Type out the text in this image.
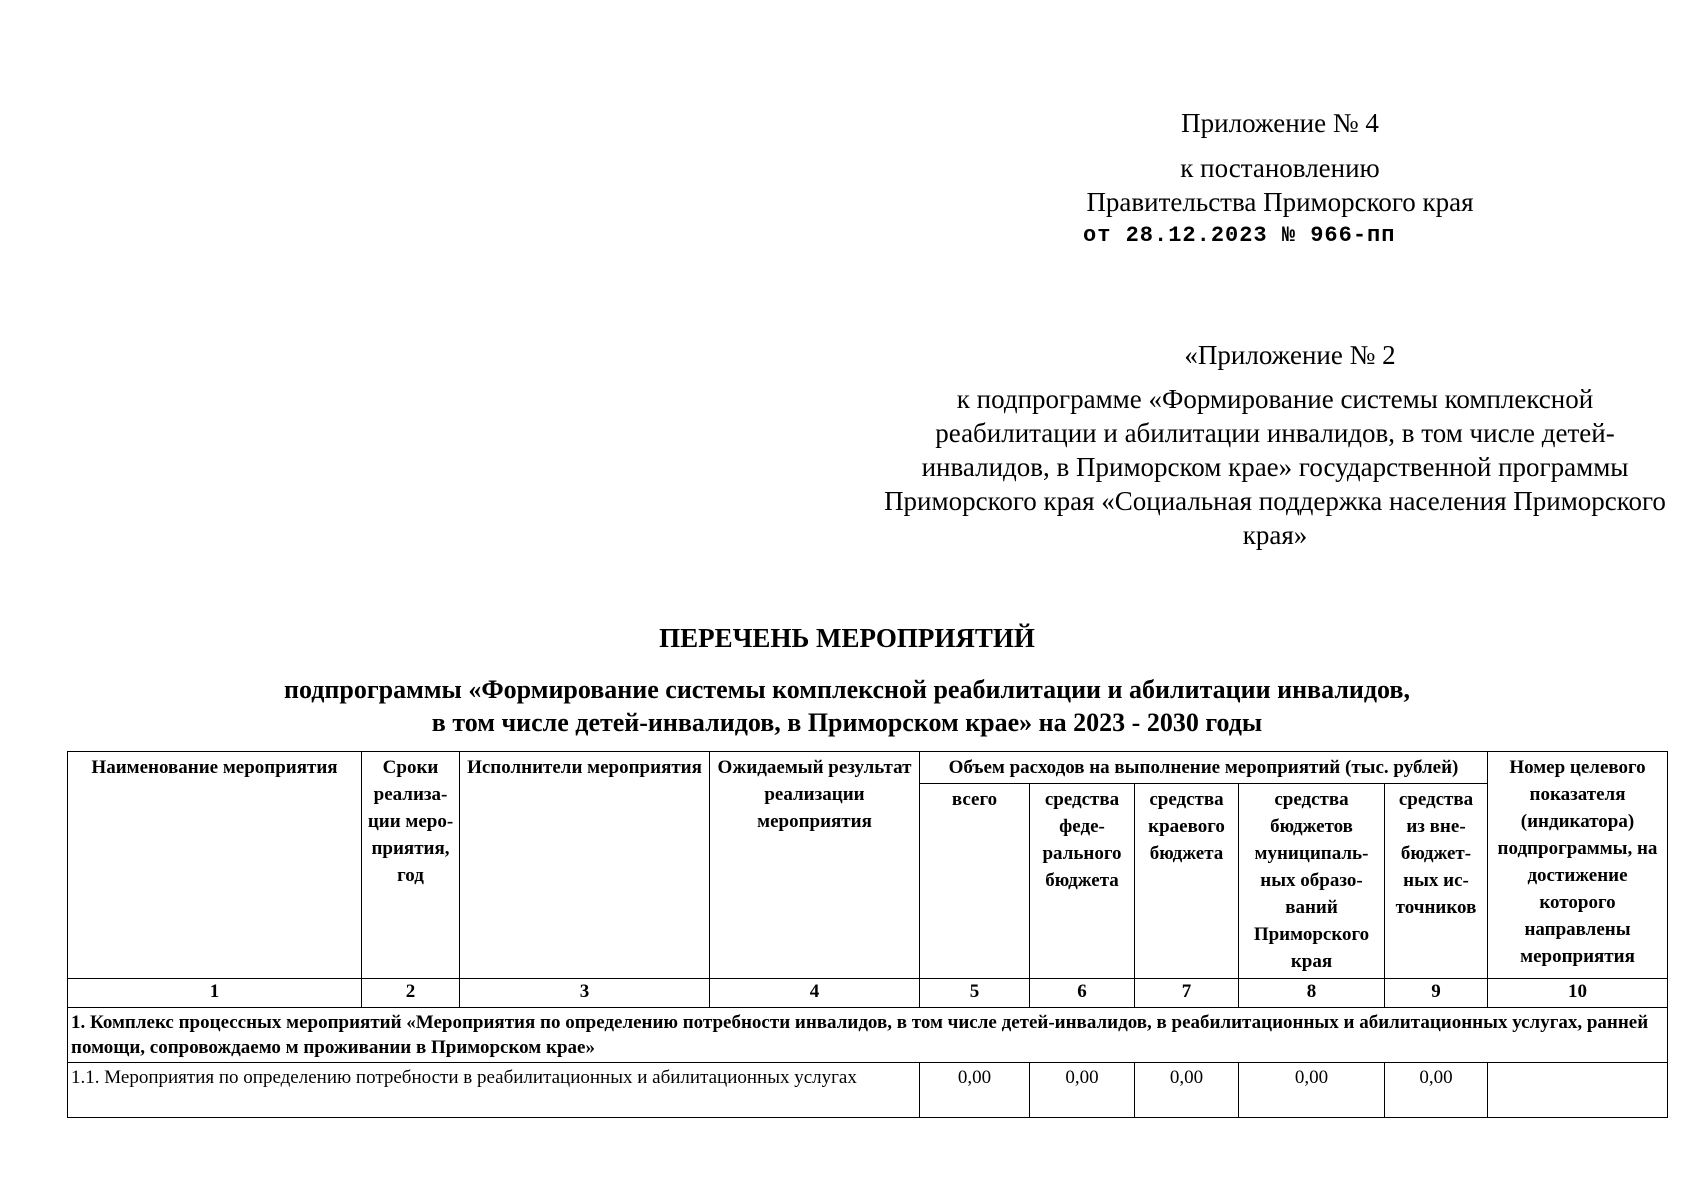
Приложение № 4
к постановлению
Правительства Приморского края
от 28.12.2023 № 966-пп
«Приложение № 2
к подпрограмме «Формирование системы комплексной реабилитации и абилитации инвалидов, в том числе детей-инвалидов, в Приморском крае» государственной программы Приморского края «Социальная поддержка населения Приморского края»
ПЕРЕЧЕНЬ МЕРОПРИЯТИЙ
подпрограммы «Формирование системы комплексной реабилитации и абилитации инвалидов,
в том числе детей-инвалидов, в Приморском крае» на 2023 - 2030 годы
Наименование мероприятия	Сроки реализа-ции меро-приятия, год	Исполнители мероприятия	Ожидаемый результат реализации мероприятия	Объем расходов на выполнение мероприятий (тыс. рублей)					Номер целевого показателя (индикатора) подпрограммы, на достижение которого направлены мероприятия
				всего	средства феде-рального бюджета	средства краевого бюджета	средства бюджетов муниципаль-ных образо-ваний Приморского края	средства из вне-бюджет-ных ис-точников	
1	2	3	4	5	6	7	8	9	10
1. Комплекс процессных мероприятий «Мероприятия по определению потребности инвалидов, в том числе детей-инвалидов, в реабилитационных и абилитационных услугах, ранней помощи, сопровождаемо м проживании в Приморском крае»									
1.1. Мероприятия по определению потребности в реабилитационных и абилитационных услугах				0,00	0,00	0,00	0,00	0,00	
